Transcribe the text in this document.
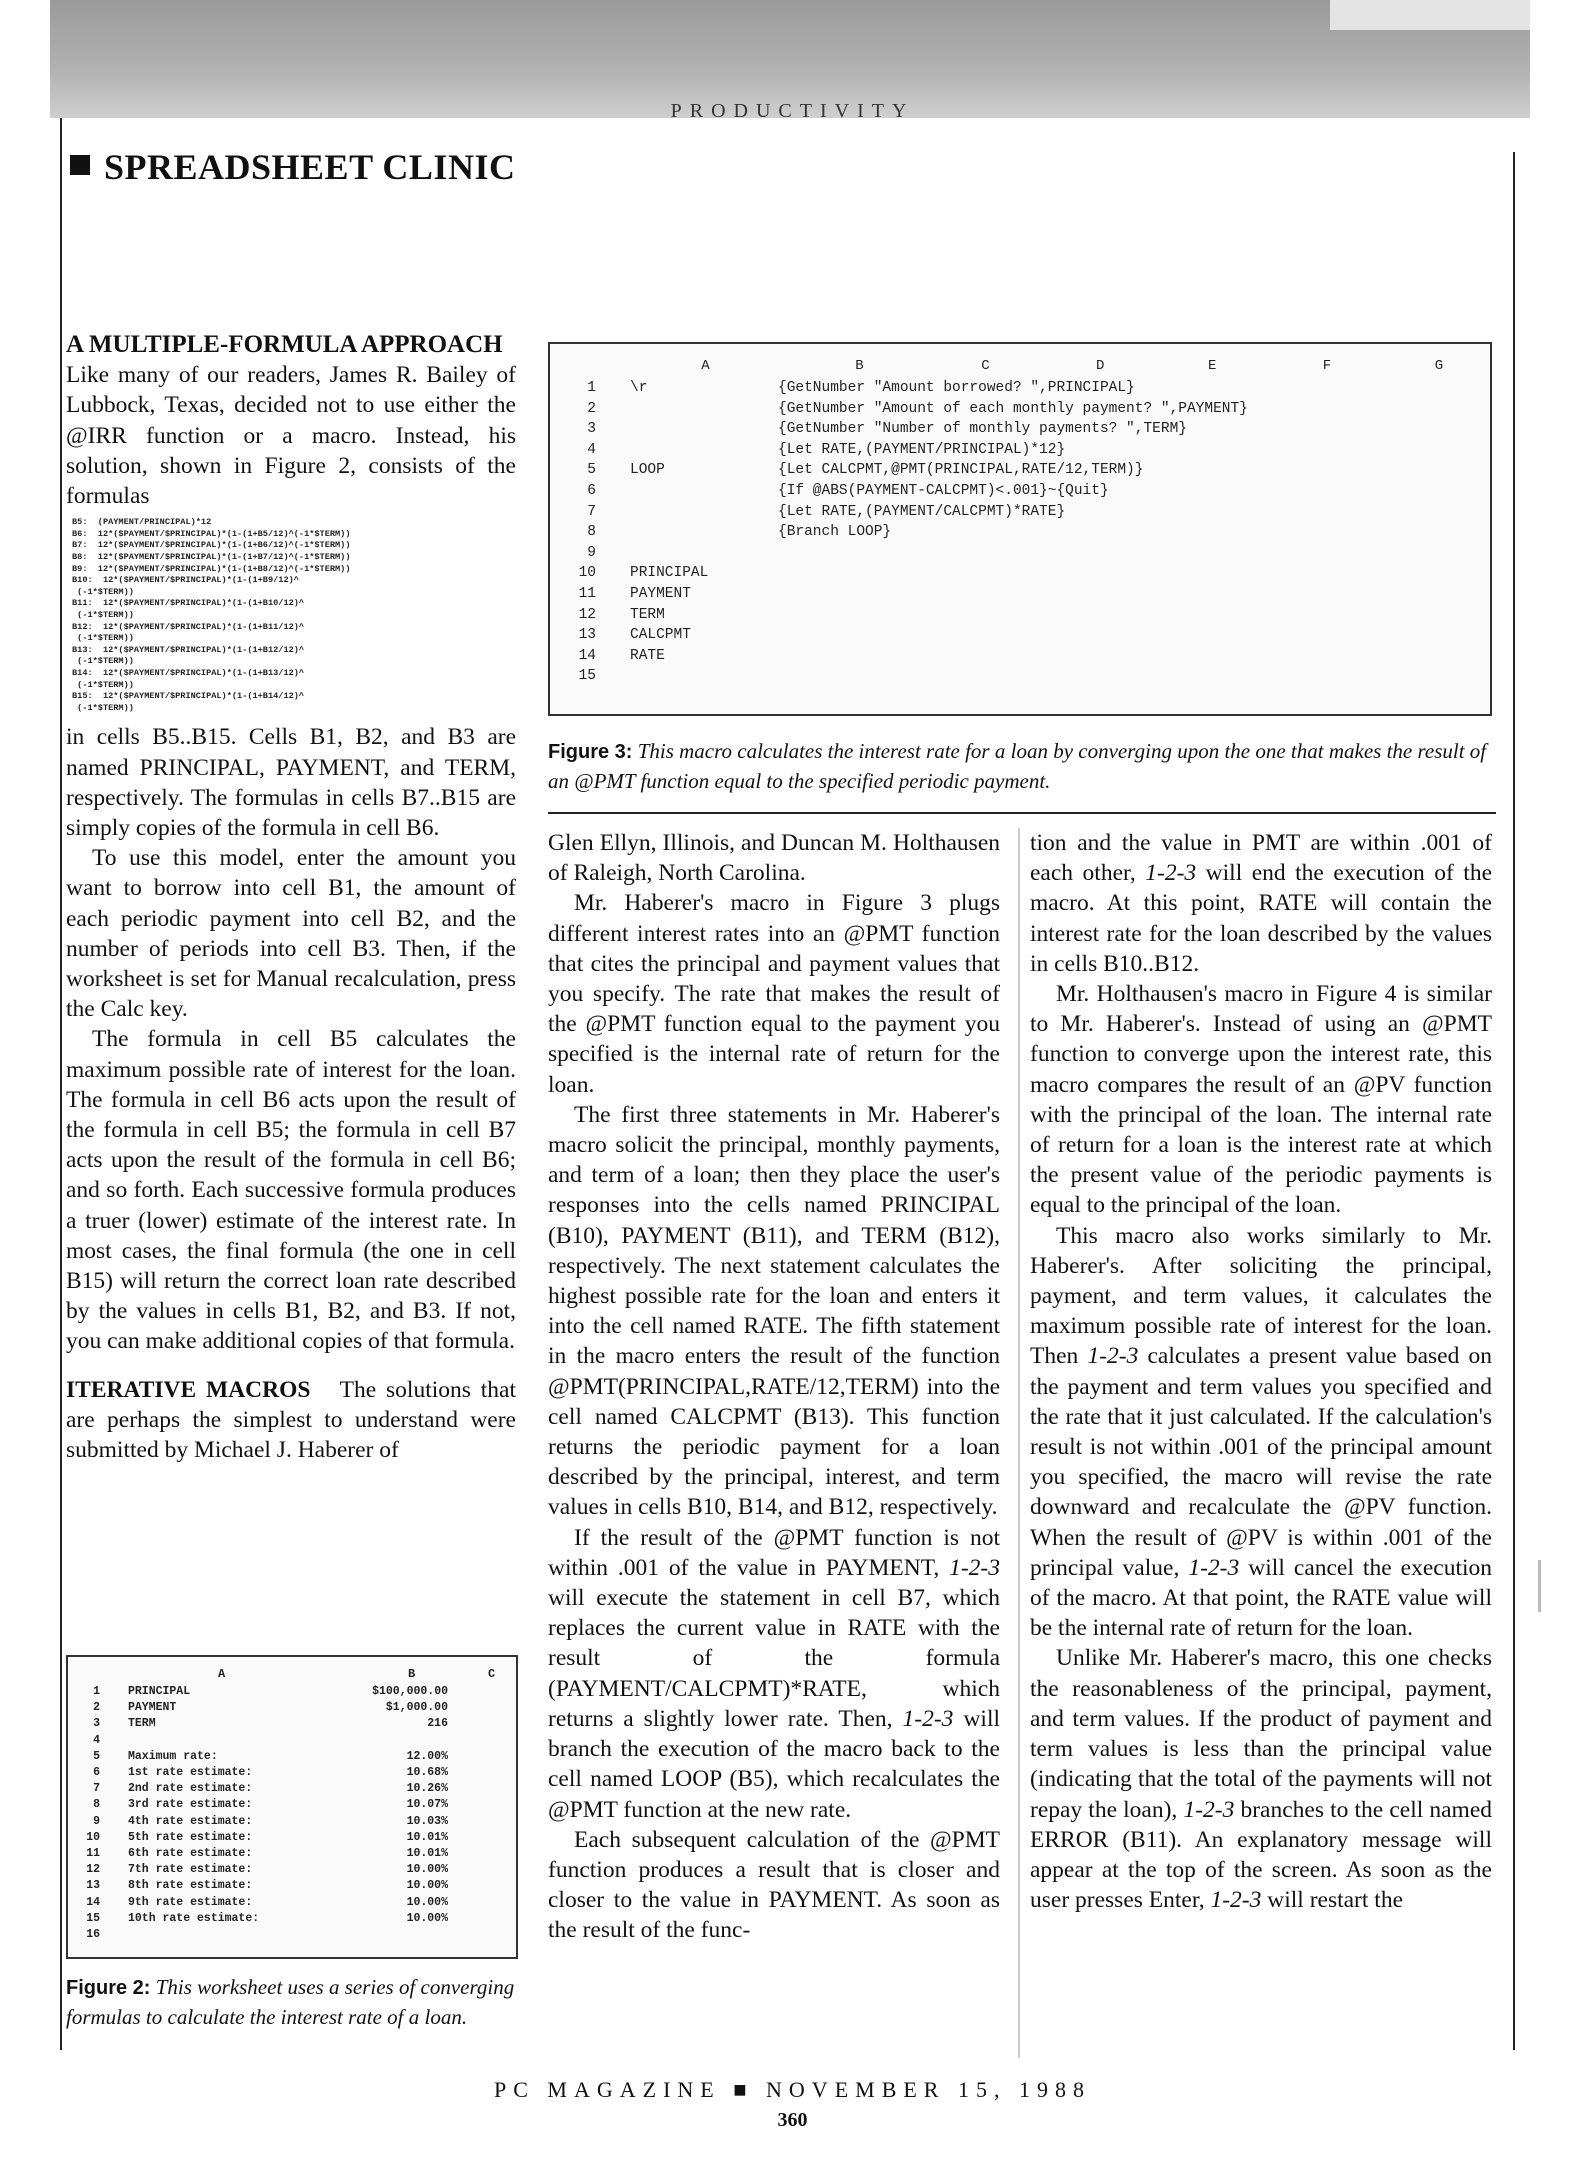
PRODUCTIVITY
SPREADSHEET CLINIC
A MULTIPLE-FORMULA APPROACH

Like many of our readers, James R. Bailey of Lubbock, Texas, decided not to use either the @IRR function or a macro. Instead, his solution, shown in Figure 2, consists of the formulas

B5:  (PAYMENT/PRINCIPAL)*12
B6:  12*($PAYMENT/$PRINCIPAL)*(1-(1+B5/12)^(-1*$TERM))
B7:  12*($PAYMENT/$PRINCIPAL)*(1-(1+B6/12)^(-1*$TERM))
B8:  12*($PAYMENT/$PRINCIPAL)*(1-(1+B7/12)^(-1*$TERM))
B9:  12*($PAYMENT/$PRINCIPAL)*(1-(1+B8/12)^(-1*$TERM))
B10:  12*($PAYMENT/$PRINCIPAL)*(1-(1+B9/12)^
(-1*$TERM))
B11:  12*($PAYMENT/$PRINCIPAL)*(1-(1+B10/12)^
(-1*$TERM))
B12:  12*($PAYMENT/$PRINCIPAL)*(1-(1+B11/12)^
(-1*$TERM))
B13:  12*($PAYMENT/$PRINCIPAL)*(1-(1+B12/12)^
(-1*$TERM))
B14:  12*($PAYMENT/$PRINCIPAL)*(1-(1+B13/12)^
(-1*$TERM))
B15:  12*($PAYMENT/$PRINCIPAL)*(1-(1+B14/12)^
(-1*$TERM))

in cells B5..B15. Cells B1, B2, and B3 are named PRINCIPAL, PAYMENT, and TERM, respectively. The formulas in cells B7..B15 are simply copies of the formula in cell B6.

To use this model, enter the amount you want to borrow into cell B1, the amount of each periodic payment into cell B2, and the number of periods into cell B3. Then, if the worksheet is set for Manual recalculation, press the Calc key.

The formula in cell B5 calculates the maximum possible rate of interest for the loan. The formula in cell B6 acts upon the result of the formula in cell B5; the formula in cell B7 acts upon the result of the formula in cell B6; and so forth. Each successive formula produces a truer (lower) estimate of the interest rate. In most cases, the final formula (the one in cell B15) will return the correct loan rate described by the values in cells B1, B2, and B3. If not, you can make additional copies of that formula.

ITERATIVE MACROS The solutions that are perhaps the simplest to understand were submitted by Michael J. Haberer of

A	B	C
1 PRINCIPAL	$100,000.00
2 PAYMENT	$1,000.00
3 TERM	216
4
5 Maximum rate:	12.00%
6 1st rate estimate:	10.68%
7 2nd rate estimate:	10.26%
8 3rd rate estimate:	10.07%
9 4th rate estimate:	10.03%
10 5th rate estimate:	10.01%
11 6th rate estimate:	10.01%
12 7th rate estimate:	10.00%
13 8th rate estimate:	10.00%
14 9th rate estimate:	10.00%
15 10th rate estimate:	10.00%
16
Figure 2: This worksheet uses a series of converging formulas to calculate the interest rate of a loan.
A	B	C	D	E	F	G
1 \r	{GetNumber "Amount borrowed? ",PRINCIPAL}
2	{GetNumber "Amount of each monthly payment? ",PAYMENT}
3	{GetNumber "Number of monthly payments? ",TERM}
4	{Let RATE,(PAYMENT/PRINCIPAL)*12}
5 LOOP	{Let CALCPMT,@PMT(PRINCIPAL,RATE/12,TERM)}
6	{If @ABS(PAYMENT-CALCPMT)<.001}~{Quit}
7	{Let RATE,(PAYMENT/CALCPMT)*RATE}
8	{Branch LOOP}
9
10 PRINCIPAL
11 PAYMENT
12 TERM
13 CALCPMT
14 RATE
15
Figure 3: This macro calculates the interest rate for a loan by converging upon the one that makes the result of an @PMT function equal to the specified periodic payment.

Glen Ellyn, Illinois, and Duncan M. Holthausen of Raleigh, North Carolina.

Mr. Haberer's macro in Figure 3 plugs different interest rates into an @PMT function that cites the principal and payment values that you specify. The rate that makes the result of the @PMT function equal to the payment you specified is the internal rate of return for the loan.

The first three statements in Mr. Haberer's macro solicit the principal, monthly payments, and term of a loan; then they place the user's responses into the cells named PRINCIPAL (B10), PAYMENT (B11), and TERM (B12), respectively. The next statement calculates the highest possible rate for the loan and enters it into the cell named RATE. The fifth statement in the macro enters the result of the function @PMT(PRINCIPAL,RATE/12,TERM) into the cell named CALCPMT (B13). This function returns the periodic payment for a loan described by the principal, interest, and term values in cells B10, B14, and B12, respectively.

If the result of the @PMT function is not within .001 of the value in PAYMENT, 1-2-3 will execute the statement in cell B7, which replaces the current value in RATE with the result of the formula (PAYMENT/CALCPMT)*RATE, which returns a slightly lower rate. Then, 1-2-3 will branch the execution of the macro back to the cell named LOOP (B5), which recalculates the @PMT function at the new rate.

Each subsequent calculation of the @PMT function produces a result that is closer and closer to the value in PAYMENT. As soon as the result of the func-

tion and the value in PMT are within .001 of each other, 1-2-3 will end the execution of the macro. At this point, RATE will contain the interest rate for the loan described by the values in cells B10..B12.

Mr. Holthausen's macro in Figure 4 is similar to Mr. Haberer's. Instead of using an @PMT function to converge upon the interest rate, this macro compares the result of an @PV function with the principal of the loan. The internal rate of return for a loan is the interest rate at which the present value of the periodic payments is equal to the principal of the loan.

This macro also works similarly to Mr. Haberer's. After soliciting the principal, payment, and term values, it calculates the maximum possible rate of interest for the loan. Then 1-2-3 calculates a present value based on the payment and term values you specified and the rate that it just calculated. If the calculation's result is not within .001 of the principal amount you specified, the macro will revise the rate downward and recalculate the @PV function. When the result of @PV is within .001 of the principal value, 1-2-3 will cancel the execution of the macro. At that point, the RATE value will be the internal rate of return for the loan.

Unlike Mr. Haberer's macro, this one checks the reasonableness of the principal, payment, and term values. If the product of payment and term values is less than the principal value (indicating that the total of the payments will not repay the loan), 1-2-3 branches to the cell named ERROR (B11). An explanatory message will appear at the top of the screen. As soon as the user presses Enter, 1-2-3 will restart the

PC MAGAZINE ■ NOVEMBER 15, 1988
360
